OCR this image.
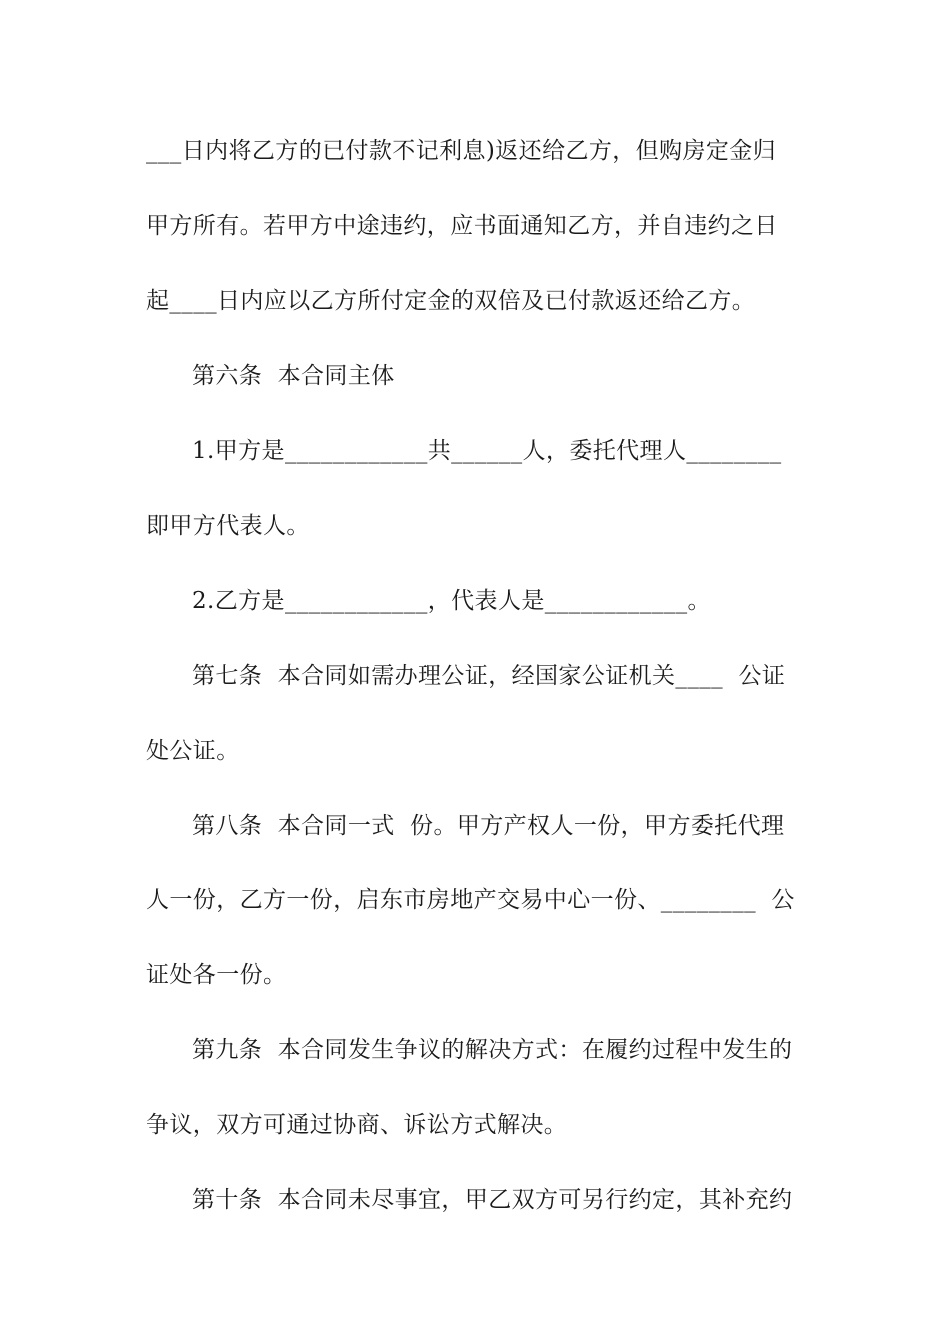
___日内将乙方的已付款不记利息)返还给乙方，但购房定金归
甲方所有。若甲方中途违约，应书面通知乙方，并自违约之日
起____日内应以乙方所付定金的双倍及已付款返还给乙方。
第六条  本合同主体
1.甲方是____________共______人，委托代理人________
即甲方代表人。
2.乙方是____________，代表人是____________。
第七条  本合同如需办理公证，经国家公证机关____  公证
处公证。
第八条  本合同一式  份。甲方产权人一份，甲方委托代理
人一份，乙方一份，启东市房地产交易中心一份、________  公
证处各一份。
第九条  本合同发生争议的解决方式：在履约过程中发生的
争议，双方可通过协商、诉讼方式解决。
第十条  本合同未尽事宜，甲乙双方可另行约定，其补充约
